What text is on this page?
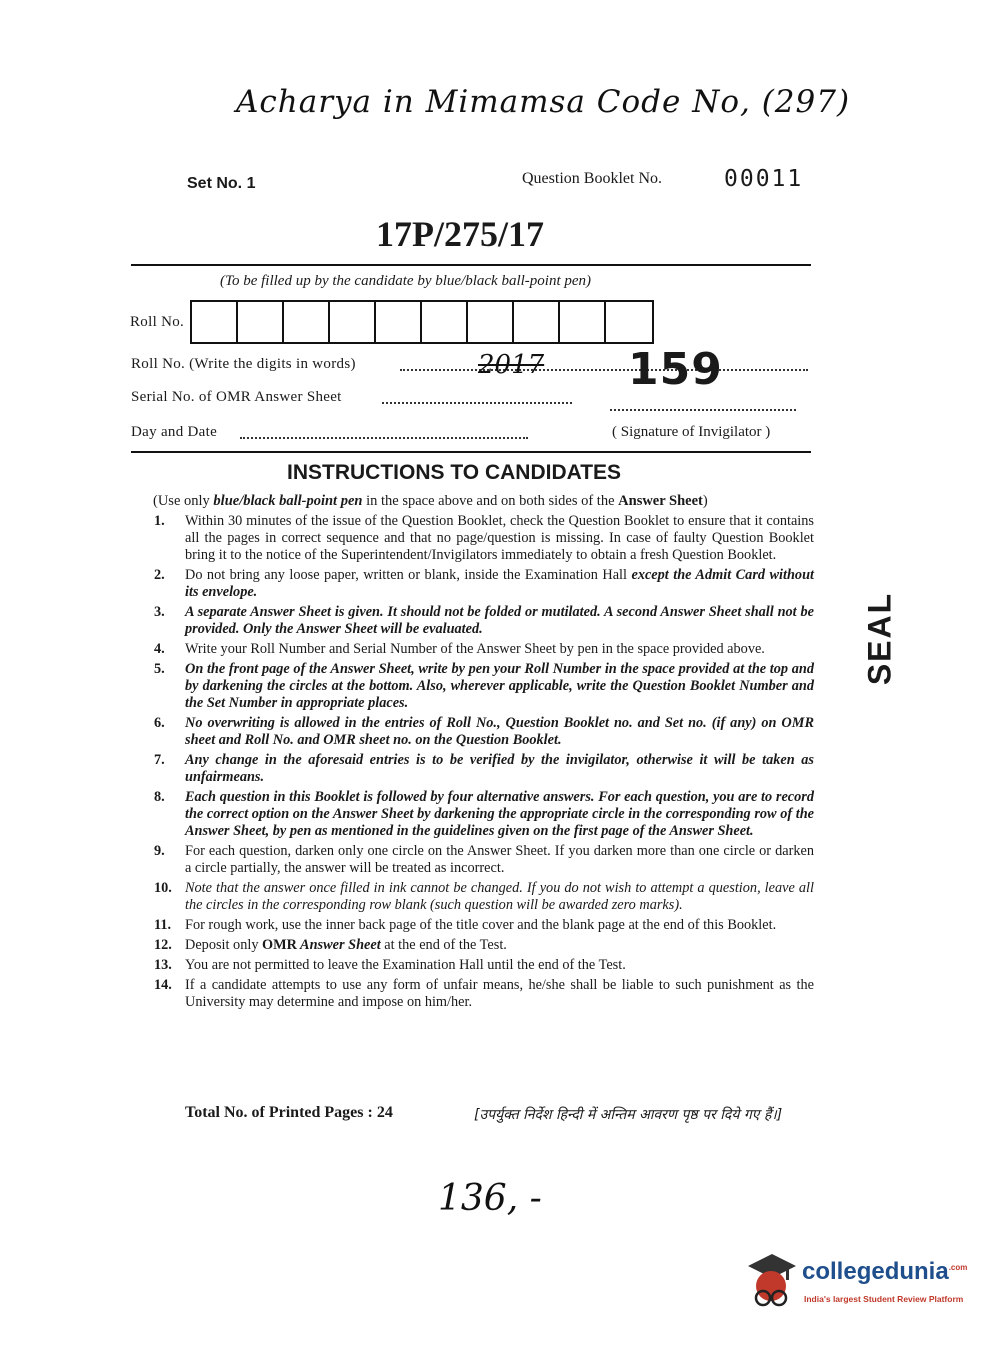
Acharya in Mimamsa Code No, (297)
Set No. 1	Question Booklet No.	00011
17P/275/17
(To be filled up by the candidate by blue/black ball-point pen)
Roll No.
Roll No. (Write the digits in words)	2017 159
Serial No. of OMR Answer Sheet
Day and Date	( Signature of Invigilator )
INSTRUCTIONS TO CANDIDATES
(Use only blue/black ball-point pen in the space above and on both sides of the Answer Sheet)
1. Within 30 minutes of the issue of the Question Booklet, check the Question Booklet to ensure that it contains all the pages in correct sequence and that no page/question is missing. In case of faulty Question Booklet bring it to the notice of the Superintendent/Invigilators immediately to obtain a fresh Question Booklet.
2. Do not bring any loose paper, written or blank, inside the Examination Hall except the Admit Card without its envelope.
3. A separate Answer Sheet is given. It should not be folded or mutilated. A second Answer Sheet shall not be provided. Only the Answer Sheet will be evaluated.
4. Write your Roll Number and Serial Number of the Answer Sheet by pen in the space provided above.
5. On the front page of the Answer Sheet, write by pen your Roll Number in the space provided at the top and by darkening the circles at the bottom. Also, wherever applicable, write the Question Booklet Number and the Set Number in appropriate places.
6. No overwriting is allowed in the entries of Roll No., Question Booklet no. and Set no. (if any) on OMR sheet and Roll No. and OMR sheet no. on the Question Booklet.
7. Any change in the aforesaid entries is to be verified by the invigilator, otherwise it will be taken as unfairmeans.
8. Each question in this Booklet is followed by four alternative answers. For each question, you are to record the correct option on the Answer Sheet by darkening the appropriate circle in the corresponding row of the Answer Sheet, by pen as mentioned in the guidelines given on the first page of the Answer Sheet.
9. For each question, darken only one circle on the Answer Sheet. If you darken more than one circle or darken a circle partially, the answer will be treated as incorrect.
10. Note that the answer once filled in ink cannot be changed. If you do not wish to attempt a question, leave all the circles in the corresponding row blank (such question will be awarded zero marks).
11. For rough work, use the inner back page of the title cover and the blank page at the end of this Booklet.
12. Deposit only OMR Answer Sheet at the end of the Test.
13. You are not permitted to leave the Examination Hall until the end of the Test.
14. If a candidate attempts to use any form of unfair means, he/she shall be liable to such punishment as the University may determine and impose on him/her.
Total No. of Printed Pages : 24	[उपर्युक्त निर्देश हिन्दी में अन्तिम आवरण पृष्ठ पर दिये गए हैं।]
136, -
SEAL
collegedunia$^{.com}$
India's largest Student Review Platform
